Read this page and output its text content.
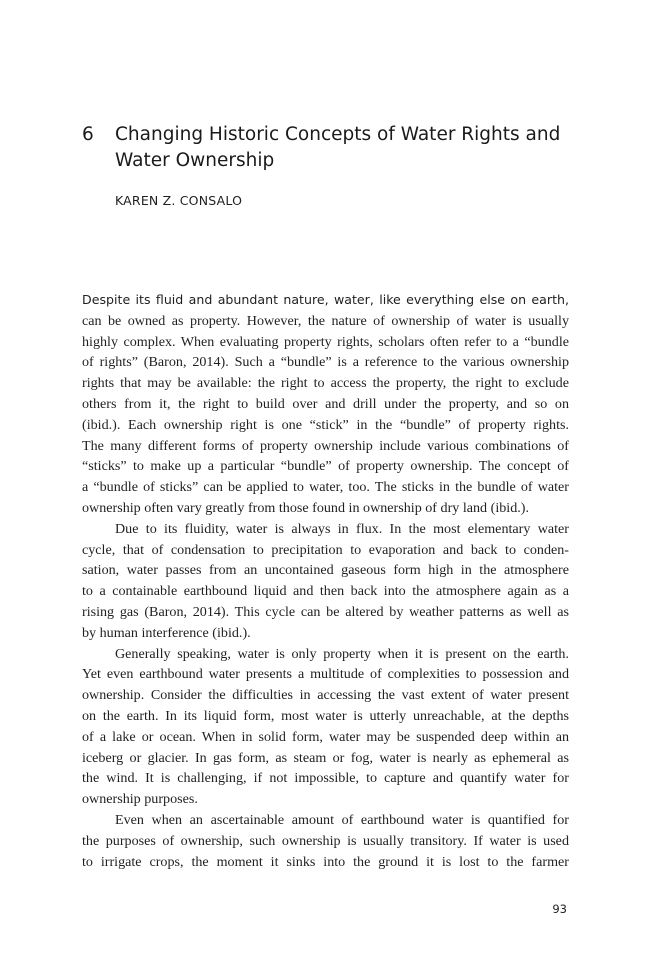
6 Changing Historic Concepts of Water Rights and
Water Ownership
KAREN Z. CONSALO
Despite its fluid and abundant nature, water, like everything else on earth,
can be owned as property. However, the nature of ownership of water is usually
highly complex. When evaluating property rights, scholars often refer to a “bundle
of rights” (Baron, 2014). Such a “bundle” is a reference to the various ownership
rights that may be available: the right to access the property, the right to exclude
others from it, the right to build over and drill under the property, and so on
(ibid.). Each ownership right is one “stick” in the “bundle” of property rights.
The many different forms of property ownership include various combinations of
“sticks” to make up a particular “bundle” of property ownership. The concept of
a “bundle of sticks” can be applied to water, too. The sticks in the bundle of water
ownership often vary greatly from those found in ownership of dry land (ibid.).
Due to its fluidity, water is always in flux. In the most elementary water
cycle, that of condensation to precipitation to evaporation and back to conden-
sation, water passes from an uncontained gaseous form high in the atmosphere
to a containable earthbound liquid and then back into the atmosphere again as a
rising gas (Baron, 2014). This cycle can be altered by weather patterns as well as
by human interference (ibid.).
Generally speaking, water is only property when it is present on the earth.
Yet even earthbound water presents a multitude of complexities to possession and
ownership. Consider the difficulties in accessing the vast extent of water present
on the earth. In its liquid form, most water is utterly unreachable, at the depths
of a lake or ocean. When in solid form, water may be suspended deep within an
iceberg or glacier. In gas form, as steam or fog, water is nearly as ephemeral as
the wind. It is challenging, if not impossible, to capture and quantify water for
ownership purposes.
Even when an ascertainable amount of earthbound water is quantified for
the purposes of ownership, such ownership is usually transitory. If water is used
to irrigate crops, the moment it sinks into the ground it is lost to the farmer
93
